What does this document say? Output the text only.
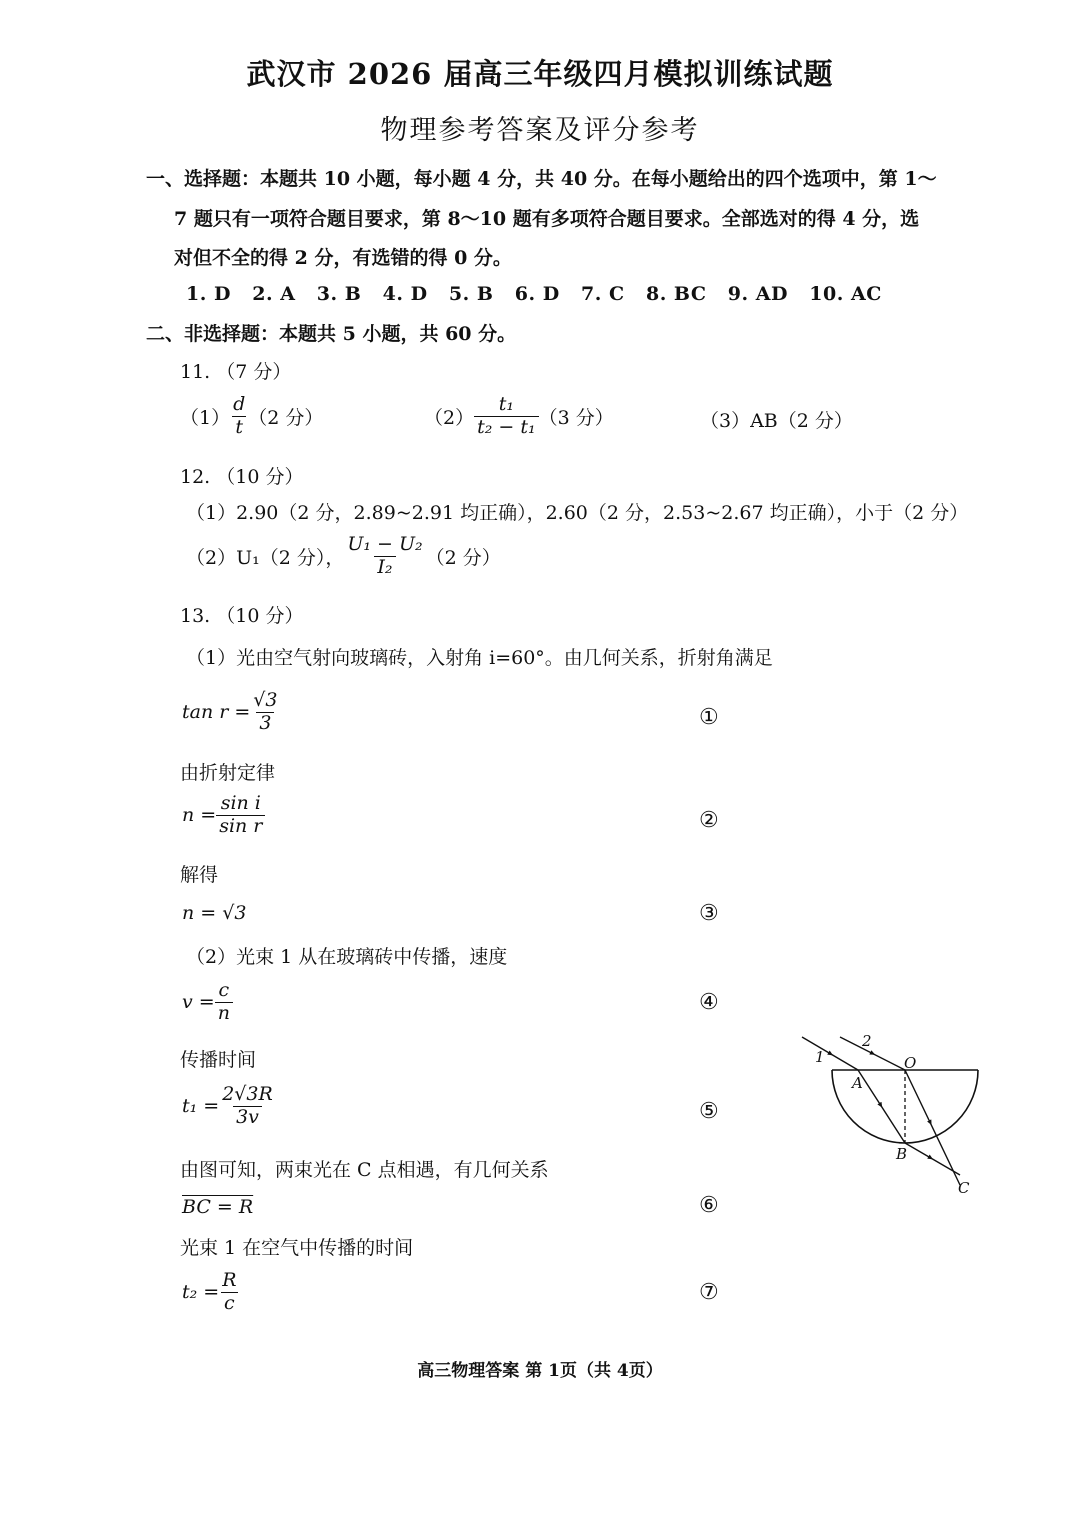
武汉市 2026 届高三年级四月模拟训练试题
物理参考答案及评分参考
一、选择题：本题共 10 小题，每小题 4 分，共 40 分。在每小题给出的四个选项中，第 1～
7 题只有一项符合题目要求，第 8～10 题有多项符合题目要求。全部选对的得 4 分，选
对但不全的得 2 分，有选错的得 0 分。
1. D   2. A   3. B   4. D   5. B   6. D   7. C   8. BC   9. AD   10. AC
二、非选择题：本题共 5 小题，共 60 分。
11. （7 分）
$(1) \frac{d}{t} (2$ 分）	$(2) \frac{\text{t₁}}{\text{t₂ − t₁}} (3$ 分）	（3）AB（2 分）
12. （10 分）
（1）2.90（2 分，2.89~2.91 均正确），2.60（2 分，2.53~2.67 均正确），小于（2 分）
（2）U₁（2 分）， $\frac{\text{U₁ − U₂}}{\text{I₂}} (2$ 分）
13. （10 分）
（1）光由空气射向玻璃砖，入射角 i=60°。由几何关系，折射角满足
$\tan r = \frac{√3}{3}$	①
由折射定律
$n = \frac{\text{sin i}}{\text{sin r}}$	②
解得
n = √3	③
（2）光束 1 从在玻璃砖中传播，速度
$v = \frac{c}{n}$	④
传播时间
$t_1 = \frac{2√3R}{3v}$	⑤
由图可知，两束光在 C 点相遇，有几何关系
BC = R	⑥
光束 1 在空气中传播的时间
$t_2 = \frac{R}{c}$	⑦
1
2
O
A
B
C
高三物理答案 第 1页（共 4页）
